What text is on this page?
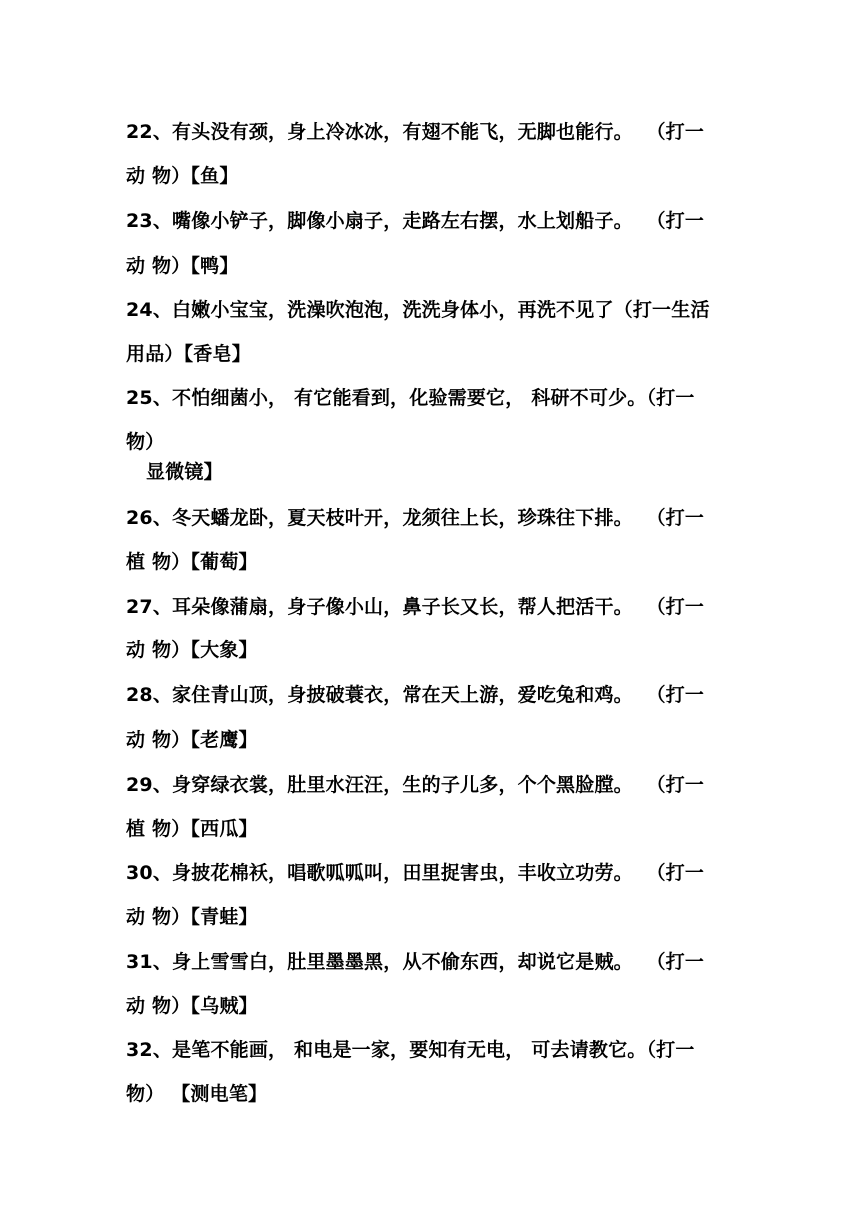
22、有头没有颈，身上冷冰冰，有翅不能飞，无脚也能行。  （打一
动 物）【鱼】
23、嘴像小铲子，脚像小扇子，走路左右摆，水上划船子。  （打一
动 物）【鸭】
24、白嫩小宝宝，洗澡吹泡泡，洗洗身体小，再洗不见了（打一生活
用品）【香皂】
25、不怕细菌小， 有它能看到，化验需要它， 科研不可少。（打一
物）
显微镜】
26、冬天蟠龙卧，夏天枝叶开，龙须往上长，珍珠往下排。  （打一
植 物）【葡萄】
27、耳朵像蒲扇，身子像小山，鼻子长又长，帮人把活干。  （打一
动 物）【大象】
28、家住青山顶，身披破蓑衣，常在天上游，爱吃兔和鸡。  （打一
动 物）【老鹰】
29、身穿绿衣裳，肚里水汪汪，生的子儿多，个个黑脸膛。  （打一
植 物）【西瓜】
30、身披花棉袄，唱歌呱呱叫，田里捉害虫，丰收立功劳。  （打一
动 物）【青蛙】
31、身上雪雪白，肚里墨墨黑，从不偷东西，却说它是贼。  （打一
动 物）【乌贼】
32、是笔不能画， 和电是一家，要知有无电， 可去请教它。（打一
物） 【测电笔】
